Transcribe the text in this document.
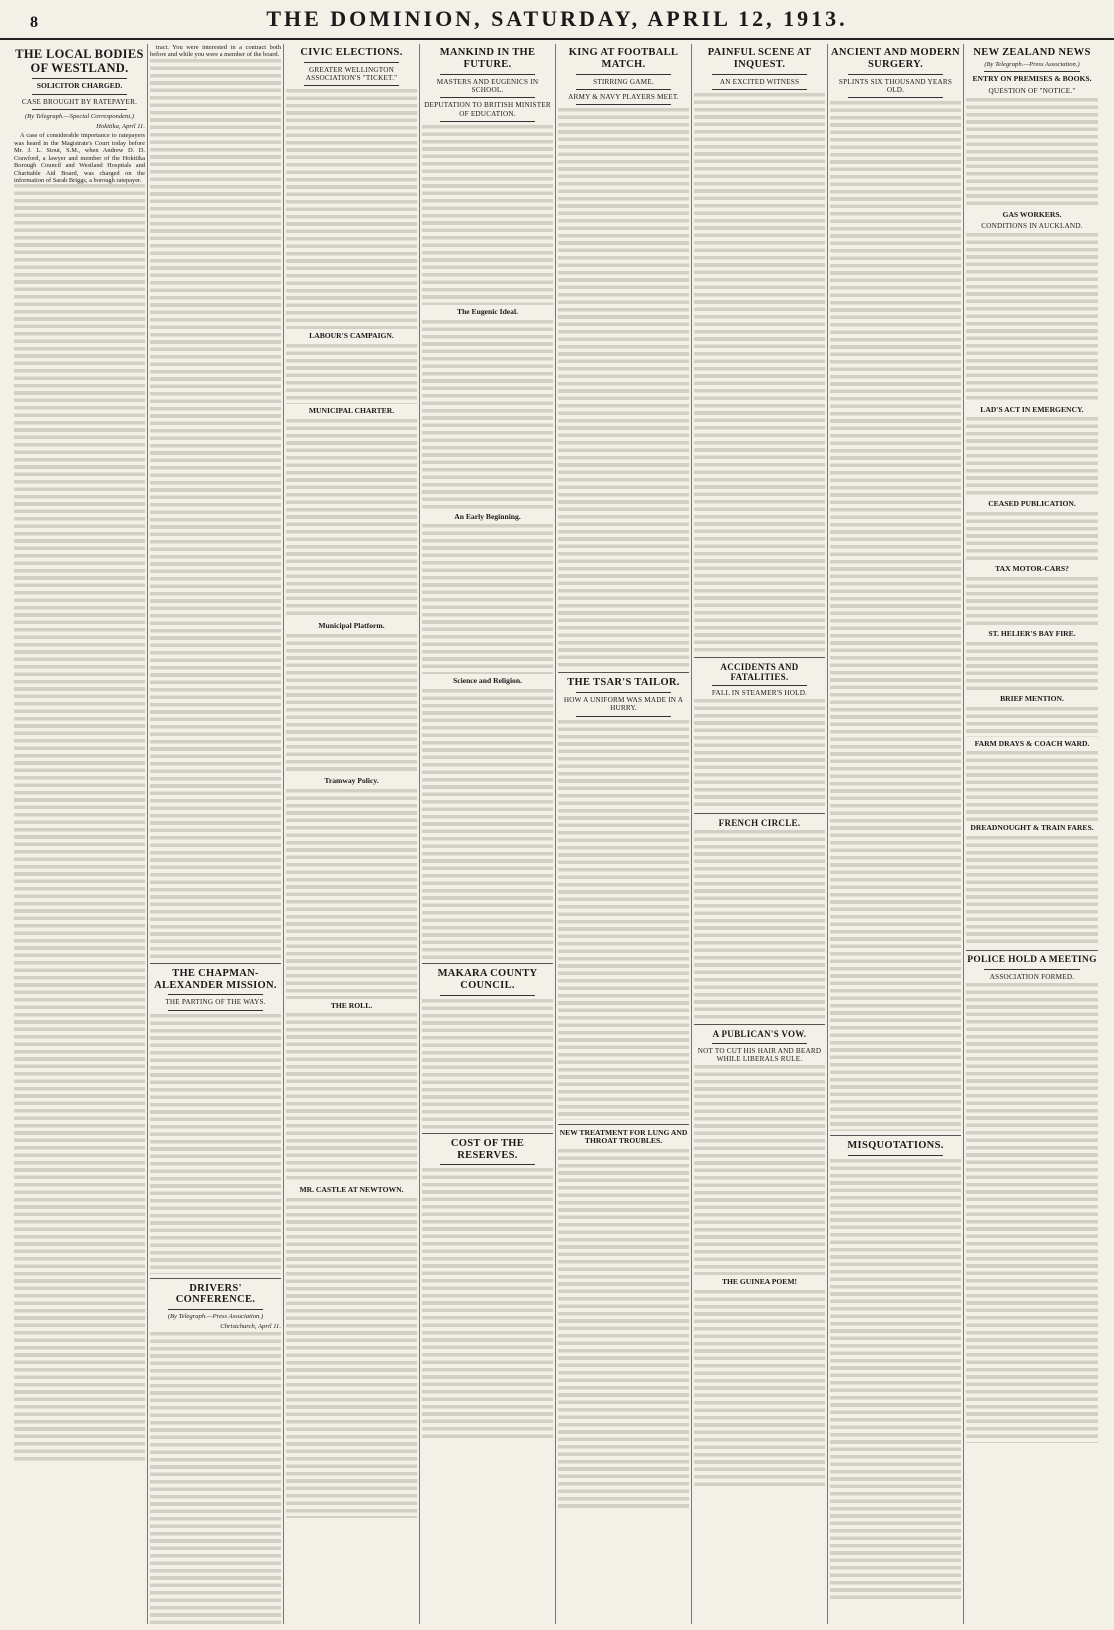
8	THE DOMINION, SATURDAY, APRIL 12, 1913.
THE LOCAL BODIES OF WESTLAND.
SOLICITOR CHARGED.
CASE BROUGHT BY RATEPAYER.
(By Telegraph.—Special Correspondent.)
Hokitika, April 11.

A case of considerable importance to ratepayers was heard in the Magistrate's Court today before Mr. J. L. Stout, S.M., when Andrew D. D. Crawford, a lawyer and member of the Hokitika Borough Council and Westland Hospitals and Charitable Aid Board, was charged on the information of Sarah Briggs, a borough ratepayer.

tract. You were interested in a contract both before and while you were a member of the board.

THE CHAPMAN-ALEXANDER MISSION.
THE PARTING OF THE WAYS.
DRIVERS' CONFERENCE.
(By Telegraph.—Press Association.)
Christchurch, April 11.
CIVIC ELECTIONS.
GREATER WELLINGTON ASSOCIATION'S "TICKET."
LABOUR'S CAMPAIGN.
MUNICIPAL CHARTER.
Municipal Platform.
Tramway Policy.
THE ROLL.
MR. CASTLE AT NEWTOWN.
MANKIND IN THE FUTURE.
MASTERS AND EUGENICS IN SCHOOL.
DEPUTATION TO BRITISH MINISTER OF EDUCATION.
The Eugenic Ideal.
An Early Beginning.
Science and Religion.
MAKARA COUNTY COUNCIL.
COST OF THE RESERVES.
KING AT FOOTBALL MATCH.
STIRRING GAME.
ARMY & NAVY PLAYERS MEET.
THE TSAR'S TAILOR.
HOW A UNIFORM WAS MADE IN A HURRY.
NEW TREATMENT FOR LUNG AND THROAT TROUBLES.
PAINFUL SCENE AT INQUEST.
AN EXCITED WITNESS
ACCIDENTS AND FATALITIES.
FALL IN STEAMER'S HOLD.
FRENCH CIRCLE.
A PUBLICAN'S VOW.
NOT TO CUT HIS HAIR AND BEARD WHILE LIBERALS RULE.
THE GUINEA POEM!
ANCIENT AND MODERN SURGERY.
SPLINTS SIX THOUSAND YEARS OLD.
MISQUOTATIONS.
NEW ZEALAND NEWS
(By Telegraph.—Press Association.)
ENTRY ON PREMISES & BOOKS.
QUESTION OF "NOTICE."
GAS WORKERS.
CONDITIONS IN AUCKLAND.
LAD'S ACT IN EMERGENCY.
CEASED PUBLICATION.
TAX MOTOR-CARS?
ST. HELIER'S BAY FIRE.
BRIEF MENTION.
FARM DRAYS & COACH WARD.
DREADNOUGHT & TRAIN FARES.
POLICE HOLD A MEETING
ASSOCIATION FORMED.
